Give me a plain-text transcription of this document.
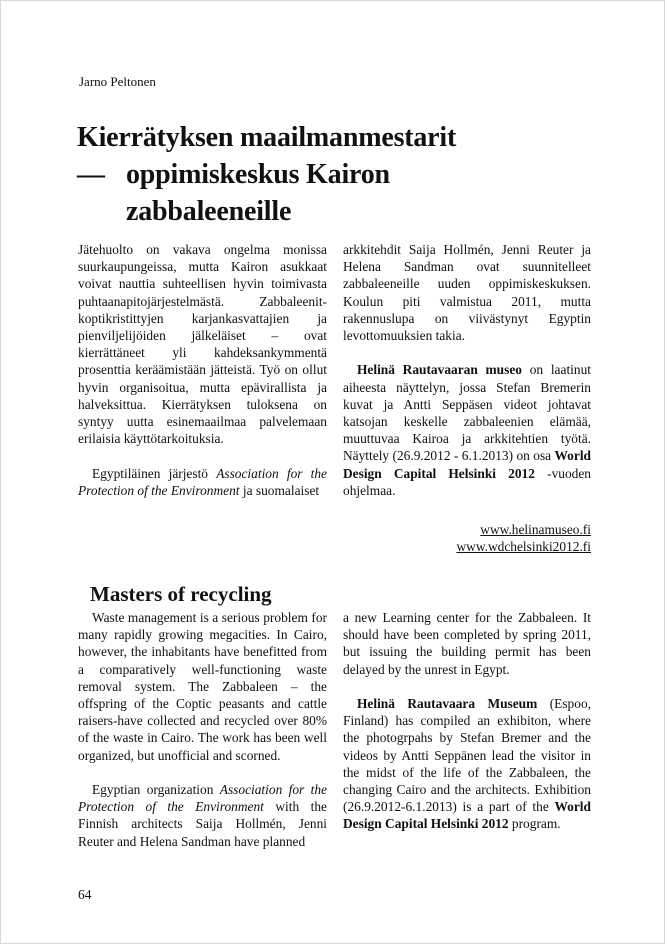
Jarno Peltonen
Kierrätyksen maailmanmestarit
— oppimiskeskus Kairon
zabbaleeneille

Jätehuolto on vakava ongelma monissa suurkaupungeissa, mutta Kairon asukkaat voivat nauttia suhteellisen hyvin toimivasta puhtaanapitojärjestelmästä. Zabbaleenit-koptikristittyjen karjankasvattajien ja pienviljelijöiden jälkeläiset – ovat kierrättäneet yli kahdeksankymmentä prosenttia keräämistään jätteistä. Työ on ollut hyvin organisoitua, mutta epävirallista ja halveksittua. Kierrätyksen tuloksena on syntyy uutta esinemaailmaa palvelemaan erilaisia käyttötarkoituksia.

Egyptiläinen järjestö Association for the Protection of the Environment ja suomalaiset

arkkitehdit Saija Hollmén, Jenni Reuter ja Helena Sandman ovat suunnitelleet zabbaleeneille uuden oppimiskeskuksen. Koulun piti valmistua 2011, mutta rakennuslupa on viivästynyt Egyptin levottomuuksien takia.

Helinä Rautavaaran museo on laatinut aiheesta näyttelyn, jossa Stefan Bremerin kuvat ja Antti Seppäsen videot johtavat katsojan keskelle zabbaleenien elämää, muuttuvaa Kairoa ja arkkitehtien työtä. Näyttely (26.9.2012 - 6.1.2013) on osa World Design Capital Helsinki 2012 -vuoden ohjelmaa.

www.helinamuseo.fi
www.wdchelsinki2012.fi
Masters of recycling

Waste management is a serious problem for many rapidly growing megacities. In Cairo, however, the inhabitants have benefitted from a comparatively well-functioning waste removal system. The Zabbaleen – the offspring of the Coptic peasants and cattle raisers-have collected and recycled over 80% of the waste in Cairo. The work has been well organized, but unofficial and scorned.

Egyptian organization Association for the Protection of the Environment with the Finnish architects Saija Hollmén, Jenni Reuter and Helena Sandman have planned

a new Learning center for the Zabbaleen. It should have been completed by spring 2011, but issuing the building permit has been delayed by the unrest in Egypt.

Helinä Rautavaara Museum (Espoo, Finland) has compiled an exhibiton, where the photogrpahs by Stefan Bremer and the videos by Antti Seppänen lead the visitor in the midst of the life of the Zabbaleen, the changing Cairo and the architects. Exhibition (26.9.2012-6.1.2013) is a part of the World Design Capital Helsinki 2012 program.

64
